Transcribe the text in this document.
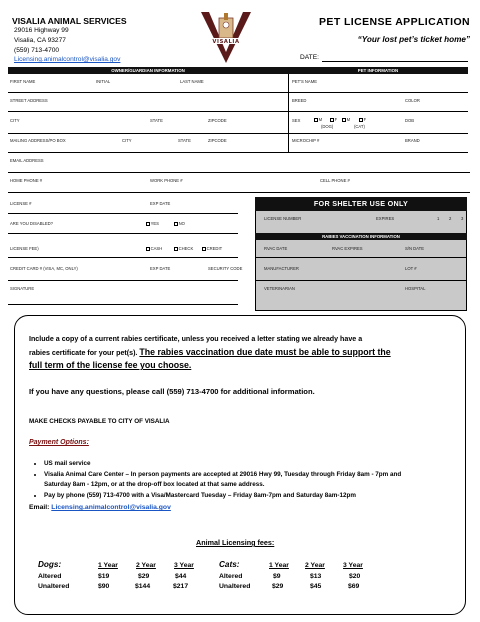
VISALIA ANIMAL SERVICES
29016 Highway 99
Visalia, CA 93277
(559) 713-4700
Licensing.animalcontrol@visalia.gov
VISALIA
PET LICENSE APPLICATION
“Your lost pet’s ticket home”
DATE:
OWNER/GUARDIAN INFORMATION	PET INFORMATION
FIRST NAME	INITIAL	LAST NAME
STREET ADDRESS
CITY	STATE	ZIPCODE
MAILING ADDRESS/PO BOX	CITY	STATE	ZIPCODE
EMAIL ADDRESS
HOME PHONE #	WORK PHONE #	CELL PHONE #
LICENSE #	EXP DATE
ARE YOU DISABLED?	YES	NO
LICENSE FEE)	CASH	CHECK	CREDIT
CREDIT CARD # (VISA, MC, ONLY)	EXP DATE	SECURITY CODE
SIGNATURE
PET'S NAME
BREED	COLOR
SEX	M	F	M	F
(DOG)	(CAT)
DOB
MICROCHIP #	BRAND
FOR SHELTER USE ONLY
LICENSE NUMBER	EXPIRES	1 2 3
RABIES VACCINATION INFORMATION
RVAC DATE	RVAC EXPIRES	S/N DATE
MANUFACTURER	LOT #
VETERINARIAN	HOSPITAL
Include a copy of a current rabies certificate, unless you received a letter stating we already have a
rabies certificate for your pet(s). The rabies vaccination due date must be able to support the
full term of the license fee you choose.
If you have any questions, please call (559) 713-4700 for additional information.
MAKE CHECKS PAYABLE TO CITY OF VISALIA
Payment Options:
• US mail service
• Visalia Animal Care Center – In person payments are accepted at 29016 Hwy 99, Tuesday through Friday 8am - 7pm and
Saturday 8am - 12pm, or at the drop-off box located at that same address.
• Pay by phone (559) 713-4700 with a Visa/Mastercard Tuesday – Friday 8am-7pm and Saturday 8am-12pm
Email: Licensing.animalcontrol@visalia.gov
Animal Licensing fees:
Dogs:	1 Year	2 Year	3 Year
Altered	$19	$29	$44
Unaltered	$90	$144	$217
Cats:	1 Year 2 Year	3 Year
Altered	$9	$13	$20
Unaltered	$29	$45	$69
